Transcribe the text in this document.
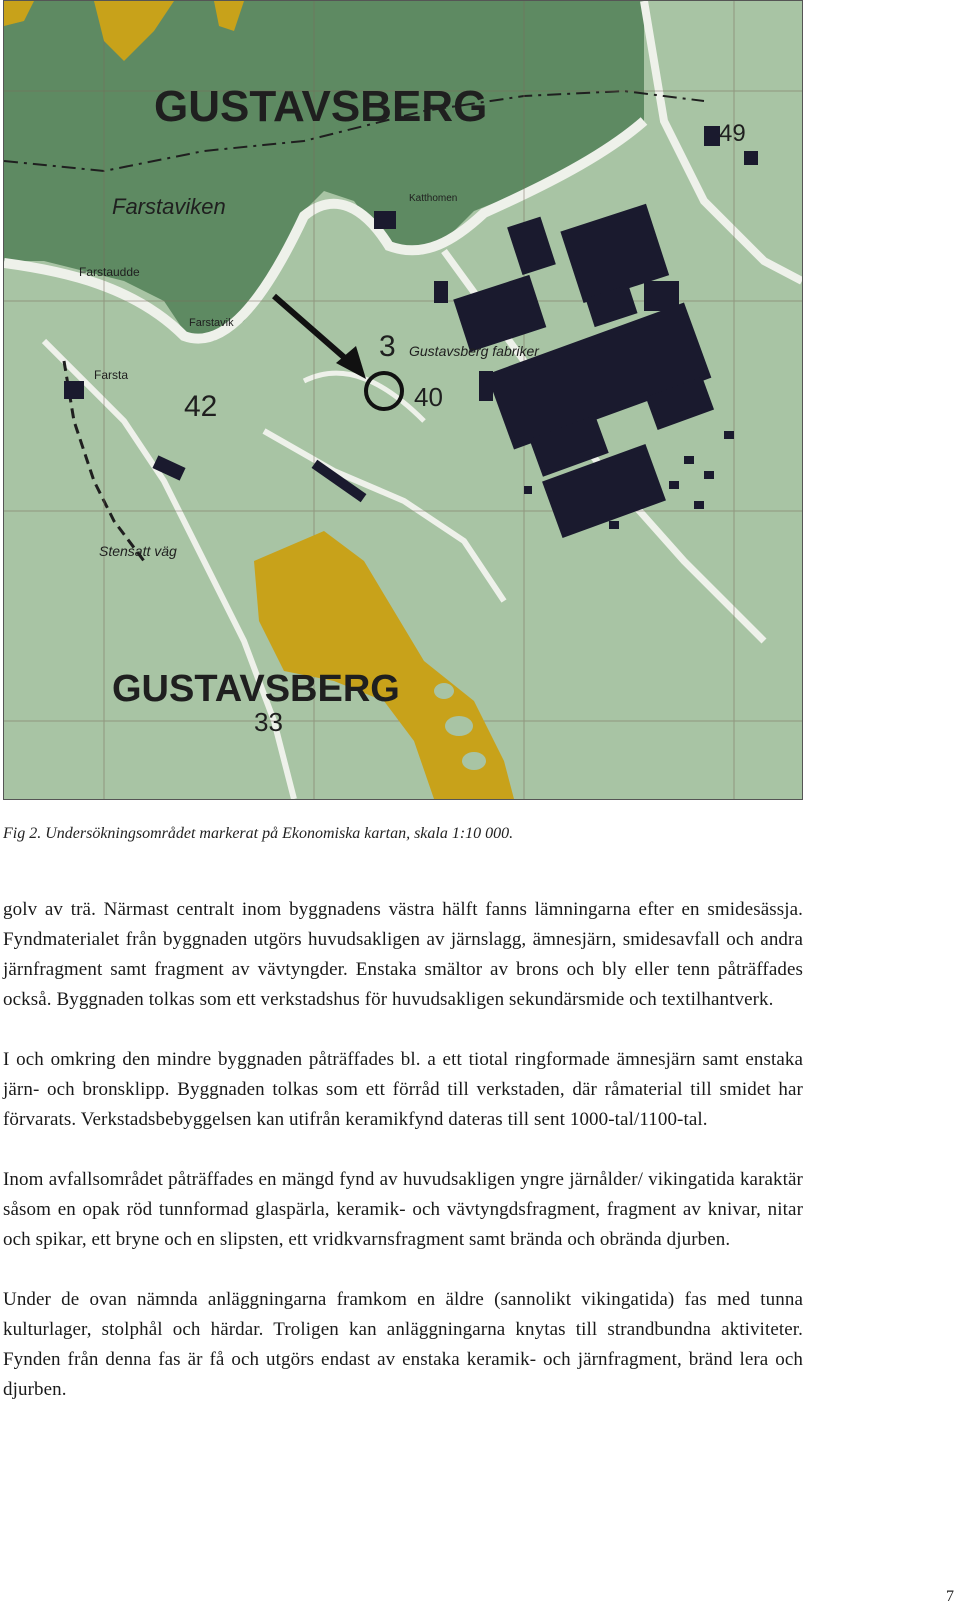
GUSTAVSBERG
GUSTAVSBERG
Farstaviken	Katthomen
Farstaudde
Farstavik
Farsta
Gustavsberg fabriker
Stensatt väg
3
42	40
33
49
Fig 2. Undersökningsområdet markerat på Ekonomiska kartan, skala 1:10 000.

golv av trä. Närmast centralt inom byggnadens västra hälft fanns lämningarna efter en smidesässja. Fyndmaterialet från byggnaden utgörs huvudsakligen av järnslagg, ämnesjärn, smidesavfall och andra järnfragment samt fragment av vävtyngder. Enstaka smältor av brons och bly eller tenn påträffades också. Byggnaden tolkas som ett verkstadshus för huvudsakligen sekundärsmide och textilhantverk.

I och omkring den mindre byggnaden påträffades bl. a ett tiotal ringformade ämnesjärn samt enstaka järn- och bronsklipp. Byggnaden tolkas som ett förråd till verkstaden, där råmaterial till smidet har förvarats. Verkstadsbebyggelsen kan utifrån keramikfynd dateras till sent 1000-tal/1100-tal.

Inom avfallsområdet påträffades en mängd fynd av huvudsakligen yngre järnålder/ vikingatida karaktär såsom en opak röd tunnformad glaspärla, keramik- och vävtyngdsfragment, fragment av knivar, nitar och spikar, ett bryne och en slipsten, ett vridkvarnsfragment samt brända och obrända djurben.

Under de ovan nämnda anläggningarna framkom en äldre (sannolikt vikingatida) fas med tunna kulturlager, stolphål och härdar. Troligen kan anläggningarna knytas till strandbundna aktiviteter. Fynden från denna fas är få och utgörs endast av enstaka keramik- och järnfragment, bränd lera och djurben.

7
